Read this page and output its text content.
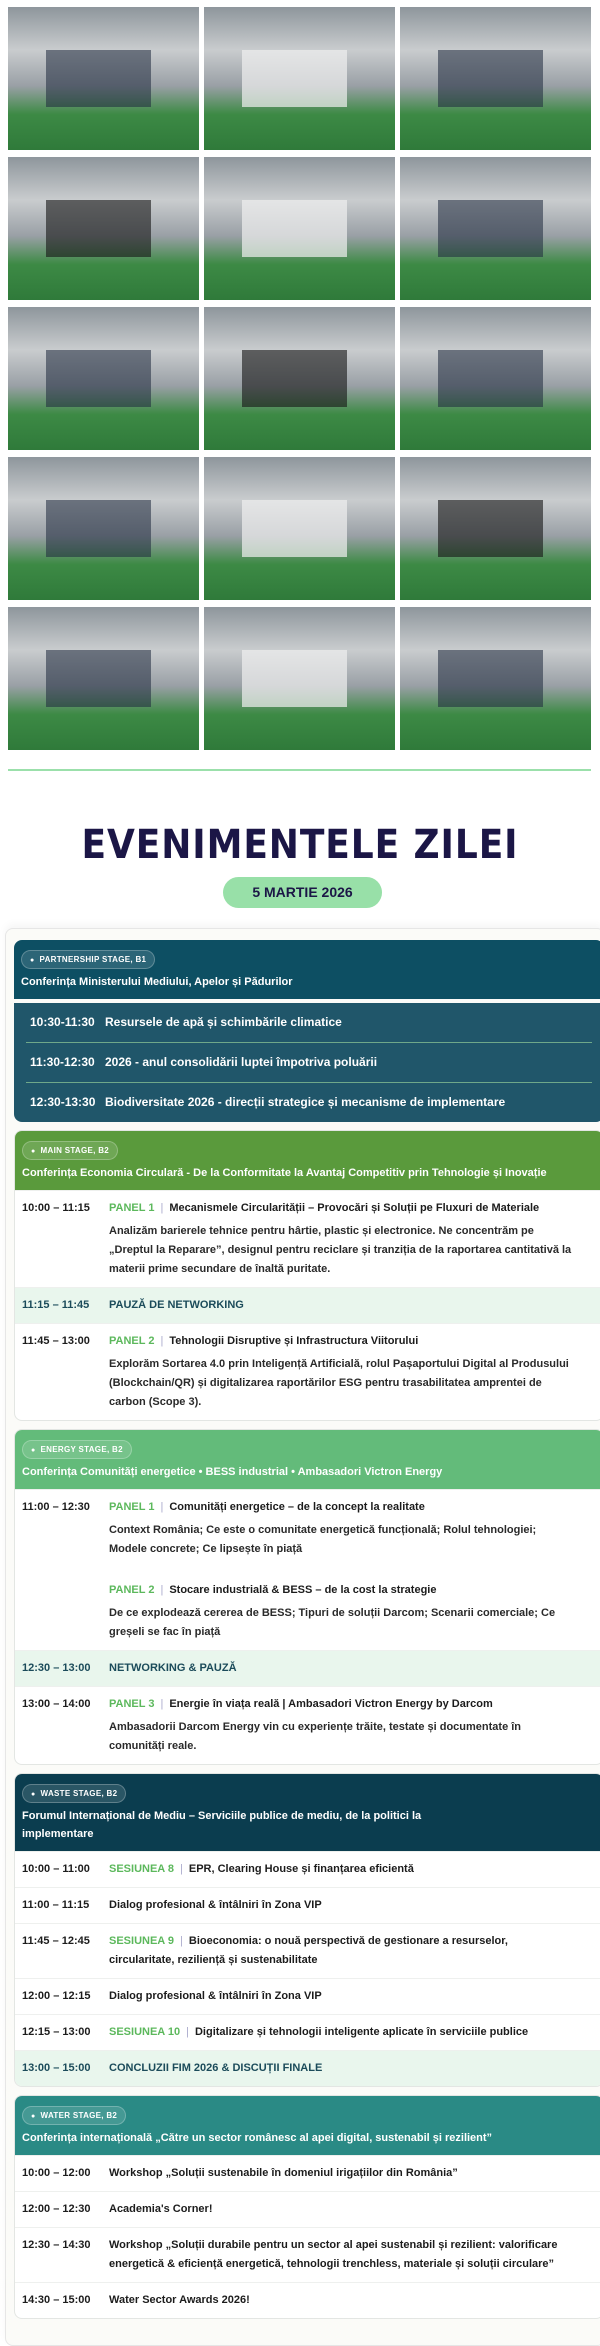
EVENIMENTELE ZILEI
5 MARTIE 2026
● PARTNERSHIP STAGE, B1
Conferința Ministerului Mediului, Apelor și Pădurilor
10:30-11:30 Resursele de apă și schimbările climatice
11:30-12:30 2026 - anul consolidării luptei împotriva poluării
12:30-13:30 Biodiversitate 2026 - direcții strategice și mecanisme de implementare
● MAIN STAGE, B2
Conferința Economia Circulară - De la Conformitate la Avantaj Competitiv prin Tehnologie și Inovație
10:00 – 11:15	PANEL 1 | Mecanismele Circularității – Provocări și Soluții pe Fluxuri de Materiale
Analizăm barierele tehnice pentru hârtie, plastic și electronice. Ne concentrăm pe „Dreptul la Reparare”, designul pentru reciclare și tranziția de la raportarea cantitativă la materii prime secundare de înaltă puritate.
11:15 – 11:45	PAUZĂ DE NETWORKING
11:45 – 13:00	PANEL 2 | Tehnologii Disruptive și Infrastructura Viitorului
Explorăm Sortarea 4.0 prin Inteligență Artificială, rolul Pașaportului Digital al Produsului (Blockchain/QR) și digitalizarea raportărilor ESG pentru trasabilitatea amprentei de carbon (Scope 3).
● ENERGY STAGE, B2
Conferința Comunități energetice • BESS industrial • Ambasadori Victron Energy
11:00 – 12:30	PANEL 1 | Comunități energetice – de la concept la realitate
Context România; Ce este o comunitate energetică funcțională; Rolul tehnologiei; Modele concrete; Ce lipsește în piață
PANEL 2 | Stocare industrială & BESS – de la cost la strategie
De ce explodează cererea de BESS; Tipuri de soluții Darcom; Scenarii comerciale; Ce greșeli se fac în piață
12:30 – 13:00	NETWORKING & PAUZĂ
13:00 – 14:00	PANEL 3 | Energie în viața reală | Ambasadori Victron Energy by Darcom
Ambasadorii Darcom Energy vin cu experiențe trăite, testate și documentate în comunități reale.
● WASTE STAGE, B2
Forumul Internațional de Mediu – Serviciile publice de mediu, de la politici la implementare
10:00 – 11:00	SESIUNEA 8 | EPR, Clearing House și finanțarea eficientă
11:00 – 11:15	Dialog profesional & întâlniri în Zona VIP
11:45 – 12:45	SESIUNEA 9 | Bioeconomia: o nouă perspectivă de gestionare a resurselor, circularitate, reziliență și sustenabilitate
12:00 – 12:15	Dialog profesional & întâlniri în Zona VIP
12:15 – 13:00	SESIUNEA 10 | Digitalizare și tehnologii inteligente aplicate în serviciile publice
13:00 – 15:00	CONCLUZII FIM 2026 & DISCUȚII FINALE
● WATER STAGE, B2
Conferința internațională „Către un sector românesc al apei digital, sustenabil și rezilient”
10:00 – 12:00	Workshop „Soluții sustenabile în domeniul irigațiilor din România”
12:00 – 12:30	Academia's Corner!
12:30 – 14:30	Workshop „Soluții durabile pentru un sector al apei sustenabil și rezilient: valorificare energetică & eficiență energetică, tehnologii trenchless, materiale și soluții circulare”
14:30 – 15:00	Water Sector Awards 2026!
